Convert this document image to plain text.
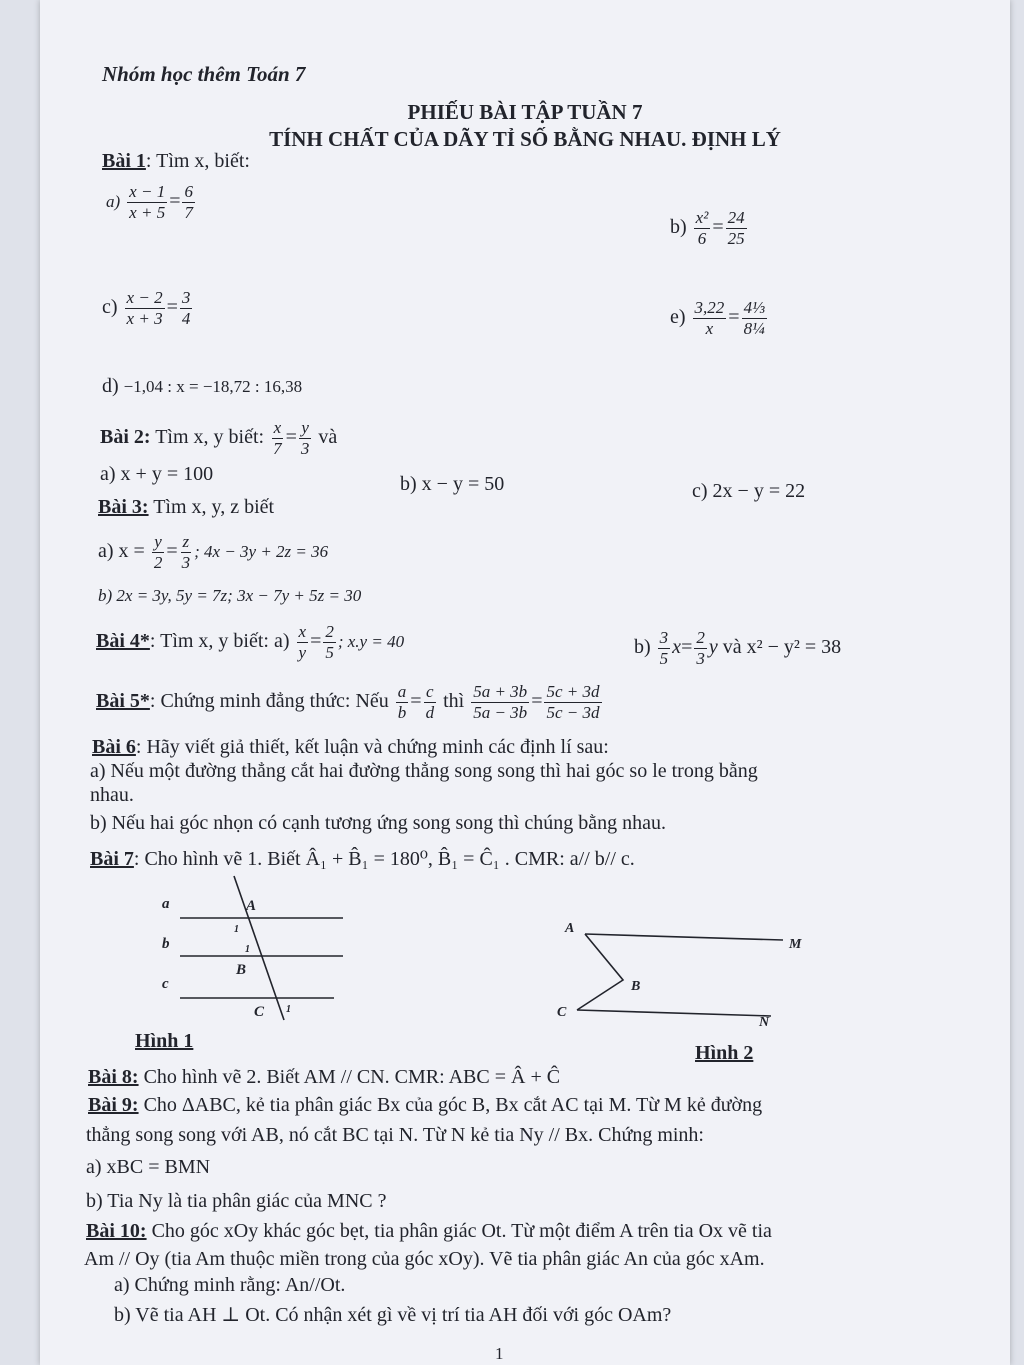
Nhóm học thêm Toán 7
PHIẾU BÀI TẬP TUẦN 7
TÍNH CHẤT CỦA DÃY TỈ SỐ BẰNG NHAU. ĐỊNH LÝ
Bài 1: Tìm x, biết:
$a) \frac{x - 1}{x + 5} = \frac{6}{7}$
$b) \frac{\text{x²}}{6} = \frac{24}{25}$
$c) \frac{x - 2}{x + 3} = \frac{3}{4}$	$e) \frac{3,22}{x} = \frac{\text{4⅓}}{\text{8¼}}$
d) −1,04 : x = −18,72 : 16,38
Bài 2: Tìm x, y biết: $\frac{x}{7} = \frac{y}{3}$ và
a) x + y = 100	b) x − y = 50	c) 2x − y = 22
Bài 3: Tìm x, y, z biết
a) $x = \frac{y}{2} = \frac{z}{3}$ ; 4x − 3y + 2z = 36
b) 2x = 3y, 5y = 7z; 3x − 7y + 5z = 30
Bài 4*: Tìm x, y biết: $a) \frac{x}{y} = \frac{2}{5}$ ; x.y = 40	$b) \frac{3}{5} x= \frac{2}{3}$ y và x² − y² = 38
Bài 5*: Chứng minh đẳng thức: Nếu $\frac{a}{b} = \frac{c}{d}$ thì $\frac{5a + 3b}{5a - 3b} = \frac{5c + 3d}{5c - 3d}$
Bài 6: Hãy viết giả thiết, kết luận và chứng minh các định lí sau:
a) Nếu một đường thẳng cắt hai đường thẳng song song thì hai góc so le trong bằng
nhau.
b) Nếu hai góc nhọn có cạnh tương ứng song song thì chúng bằng nhau.
Bài 7: Cho hình vẽ 1. Biết Â₁ + B̂₁ = 180⁰, B̂₁ = Ĉ₁ . CMR: a// b// c.
a
b
c
A
B
C
1
1
1
Hình 1
A
M
B
C
N
Hình 2
Bài 8: Cho hình vẽ 2. Biết AM // CN. CMR: ABC = Â + Ĉ
Bài 9: Cho ΔABC, kẻ tia phân giác Bx của góc B, Bx cắt AC tại M. Từ M kẻ đường
thẳng song song với AB, nó cắt BC tại N. Từ N kẻ tia Ny // Bx. Chứng minh:
a) xBC = BMN
b) Tia Ny là tia phân giác của MNC ?
Bài 10: Cho góc xOy khác góc bẹt, tia phân giác Ot. Từ một điểm A trên tia Ox vẽ tia
Am // Oy (tia Am thuộc miền trong của góc xOy). Vẽ tia phân giác An của góc xAm.
a) Chứng minh rằng: An//Ot.
b) Vẽ tia AH ⊥ Ot. Có nhận xét gì về vị trí tia AH đối với góc OAm?
1
